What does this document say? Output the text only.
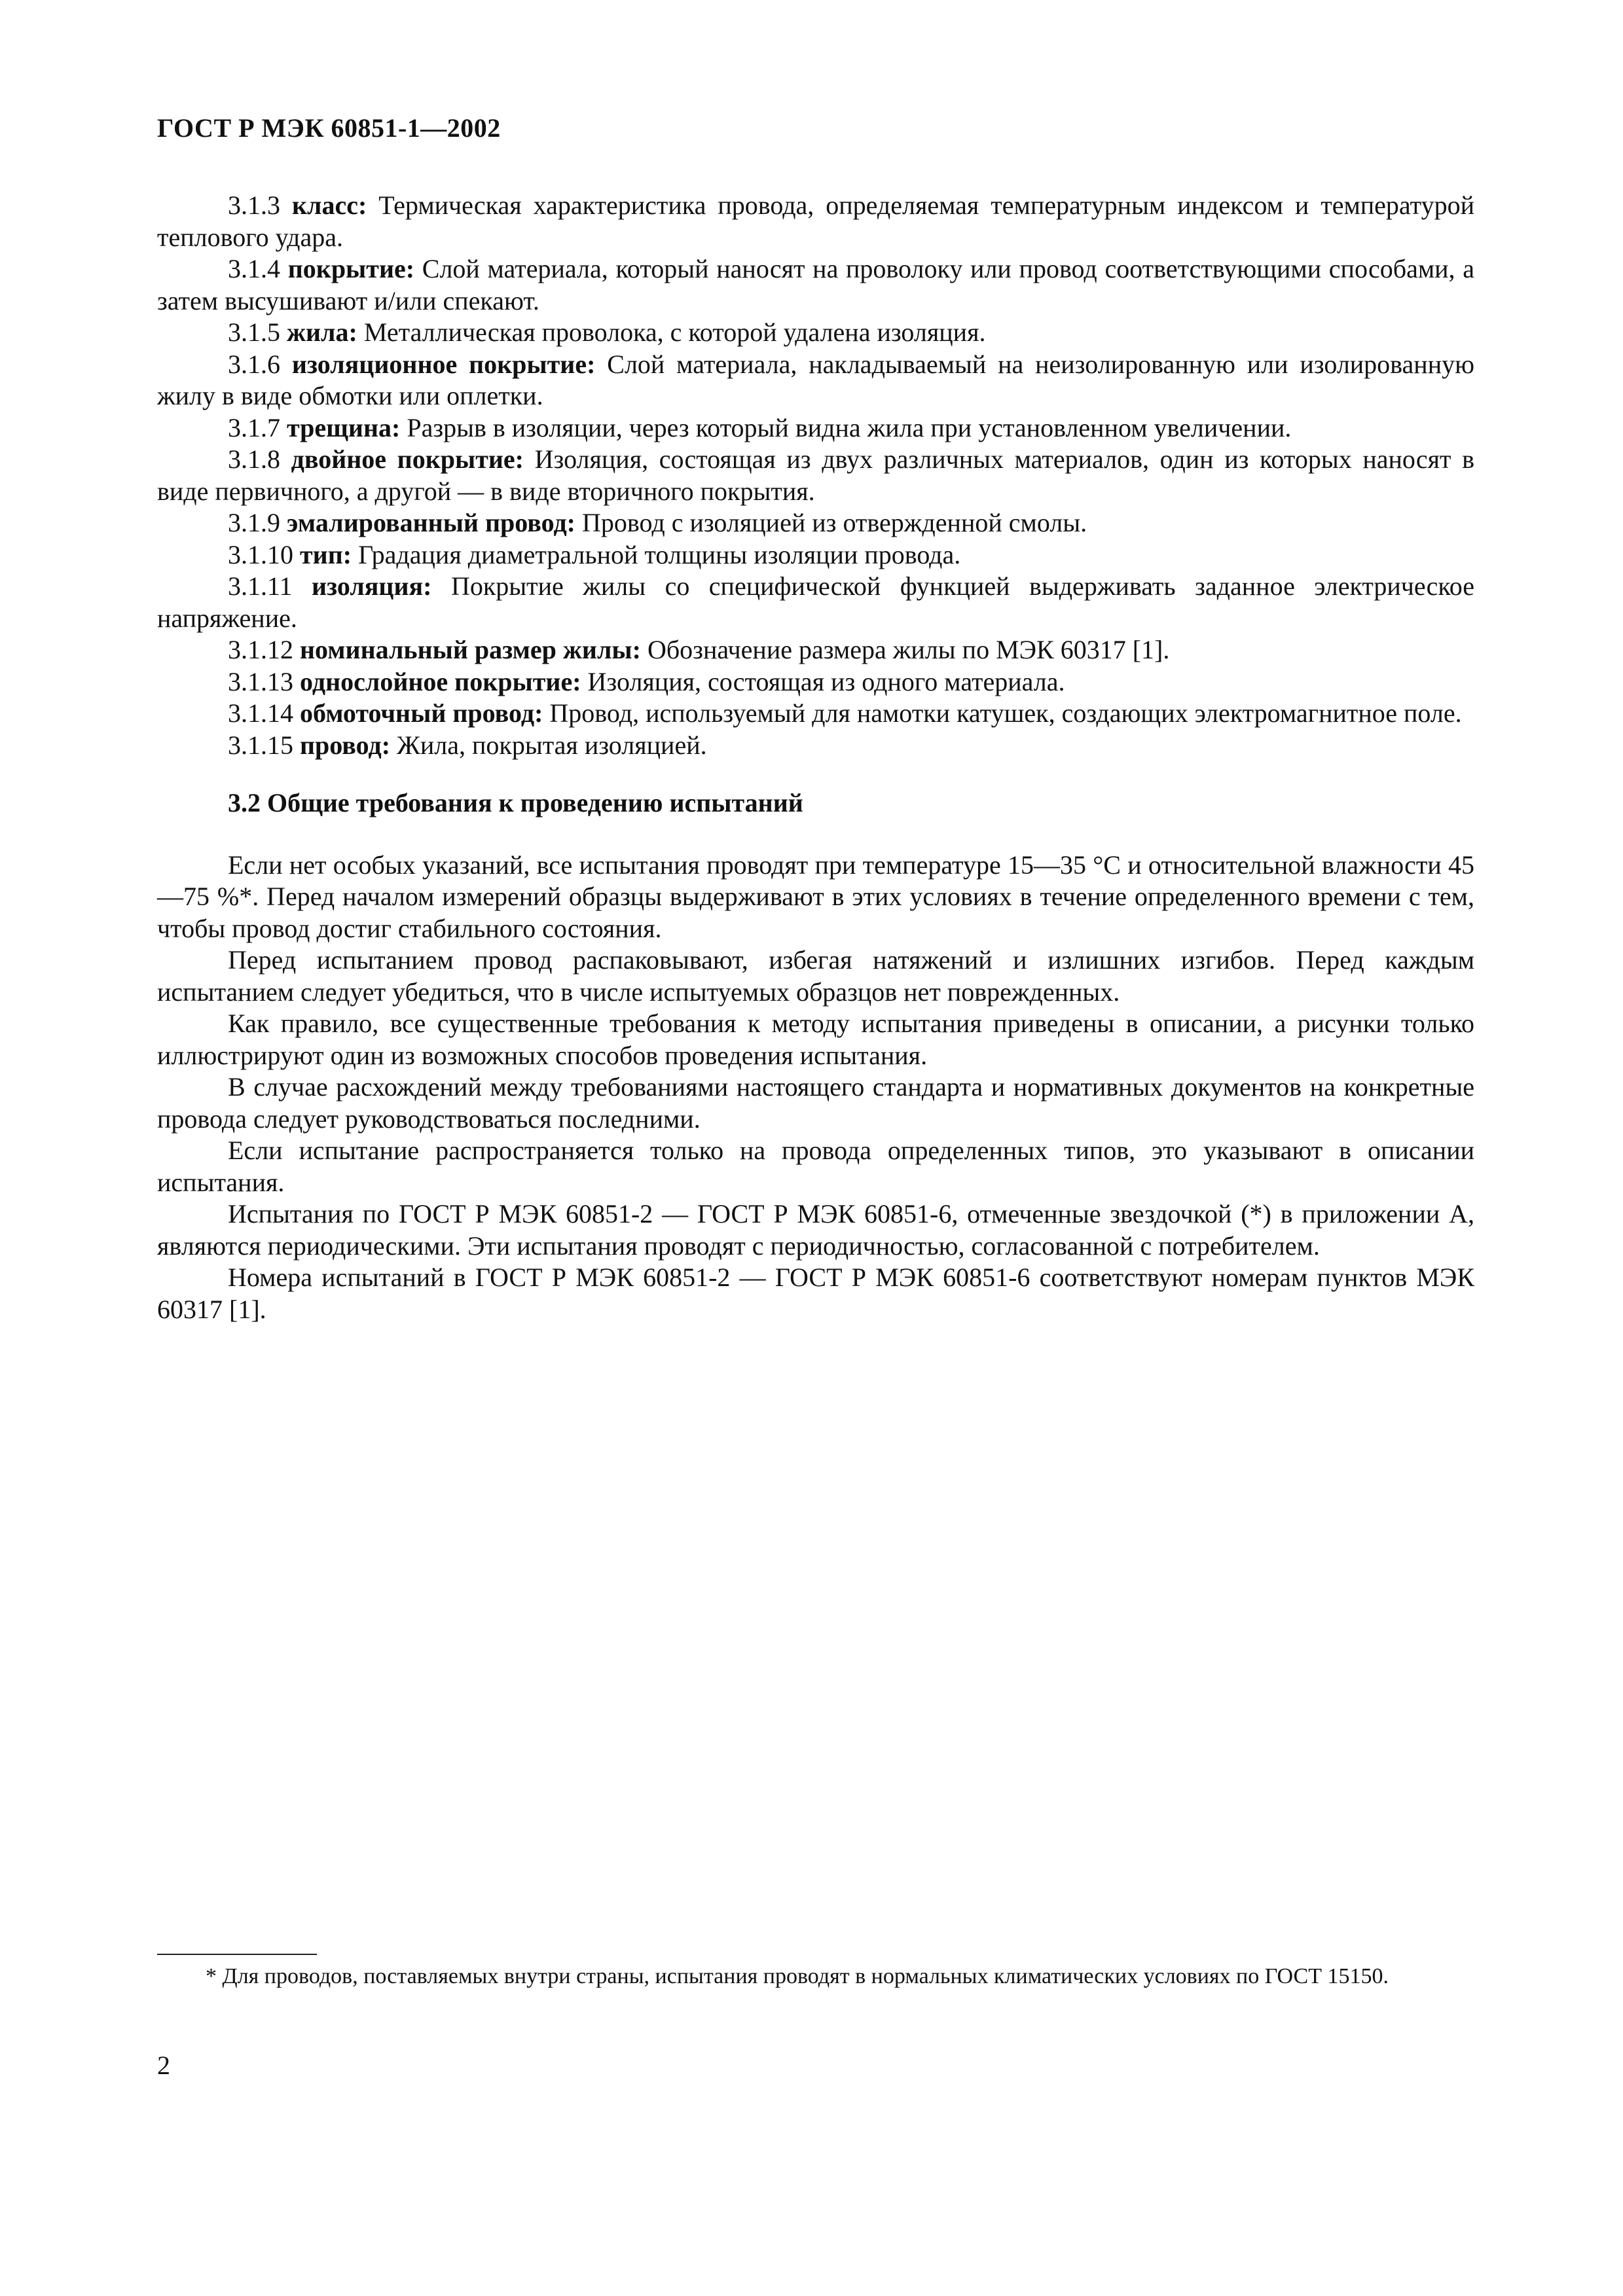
ГОСТ Р МЭК 60851-1—2002

3.1.3 класс: Термическая характеристика провода, определяемая температурным индексом и температурой теплового удара.

3.1.4 покрытие: Слой материала, который наносят на проволоку или провод соответствующими способами, а затем высушивают и/или спекают.

3.1.5 жила: Металлическая проволока, с которой удалена изоляция.

3.1.6 изоляционное покрытие: Слой материала, накладываемый на неизолированную или изолированную жилу в виде обмотки или оплетки.

3.1.7 трещина: Разрыв в изоляции, через который видна жила при установленном увеличении.

3.1.8 двойное покрытие: Изоляция, состоящая из двух различных материалов, один из которых наносят в виде первичного, а другой — в виде вторичного покрытия.

3.1.9 эмалированный провод: Провод с изоляцией из отвержденной смолы.

3.1.10 тип: Градация диаметральной толщины изоляции провода.

3.1.11 изоляция: Покрытие жилы со специфической функцией выдерживать заданное электрическое напряжение.

3.1.12 номинальный размер жилы: Обозначение размера жилы по МЭК 60317 [1].

3.1.13 однослойное покрытие: Изоляция, состоящая из одного материала.

3.1.14 обмоточный провод: Провод, используемый для намотки катушек, создающих электромагнитное поле.

3.1.15 провод: Жила, покрытая изоляцией.

3.2 Общие требования к проведению испытаний

Если нет особых указаний, все испытания проводят при температуре 15—35 °С и относительной влажности 45—75 %*. Перед началом измерений образцы выдерживают в этих условиях в течение определенного времени с тем, чтобы провод достиг стабильного состояния.

Перед испытанием провод распаковывают, избегая натяжений и излишних изгибов. Перед каждым испытанием следует убедиться, что в числе испытуемых образцов нет поврежденных.

Как правило, все существенные требования к методу испытания приведены в описании, а рисунки только иллюстрируют один из возможных способов проведения испытания.

В случае расхождений между требованиями настоящего стандарта и нормативных документов на конкретные провода следует руководствоваться последними.

Если испытание распространяется только на провода определенных типов, это указывают в описании испытания.

Испытания по ГОСТ Р МЭК 60851-2 — ГОСТ Р МЭК 60851-6, отмеченные звездочкой (*) в приложении А, являются периодическими. Эти испытания проводят с периодичностью, согласованной с потребителем.

Номера испытаний в ГОСТ Р МЭК 60851-2 — ГОСТ Р МЭК 60851-6 соответствуют номерам пунктов МЭК 60317 [1].

* Для проводов, поставляемых внутри страны, испытания проводят в нормальных климатических условиях по ГОСТ 15150.
2
